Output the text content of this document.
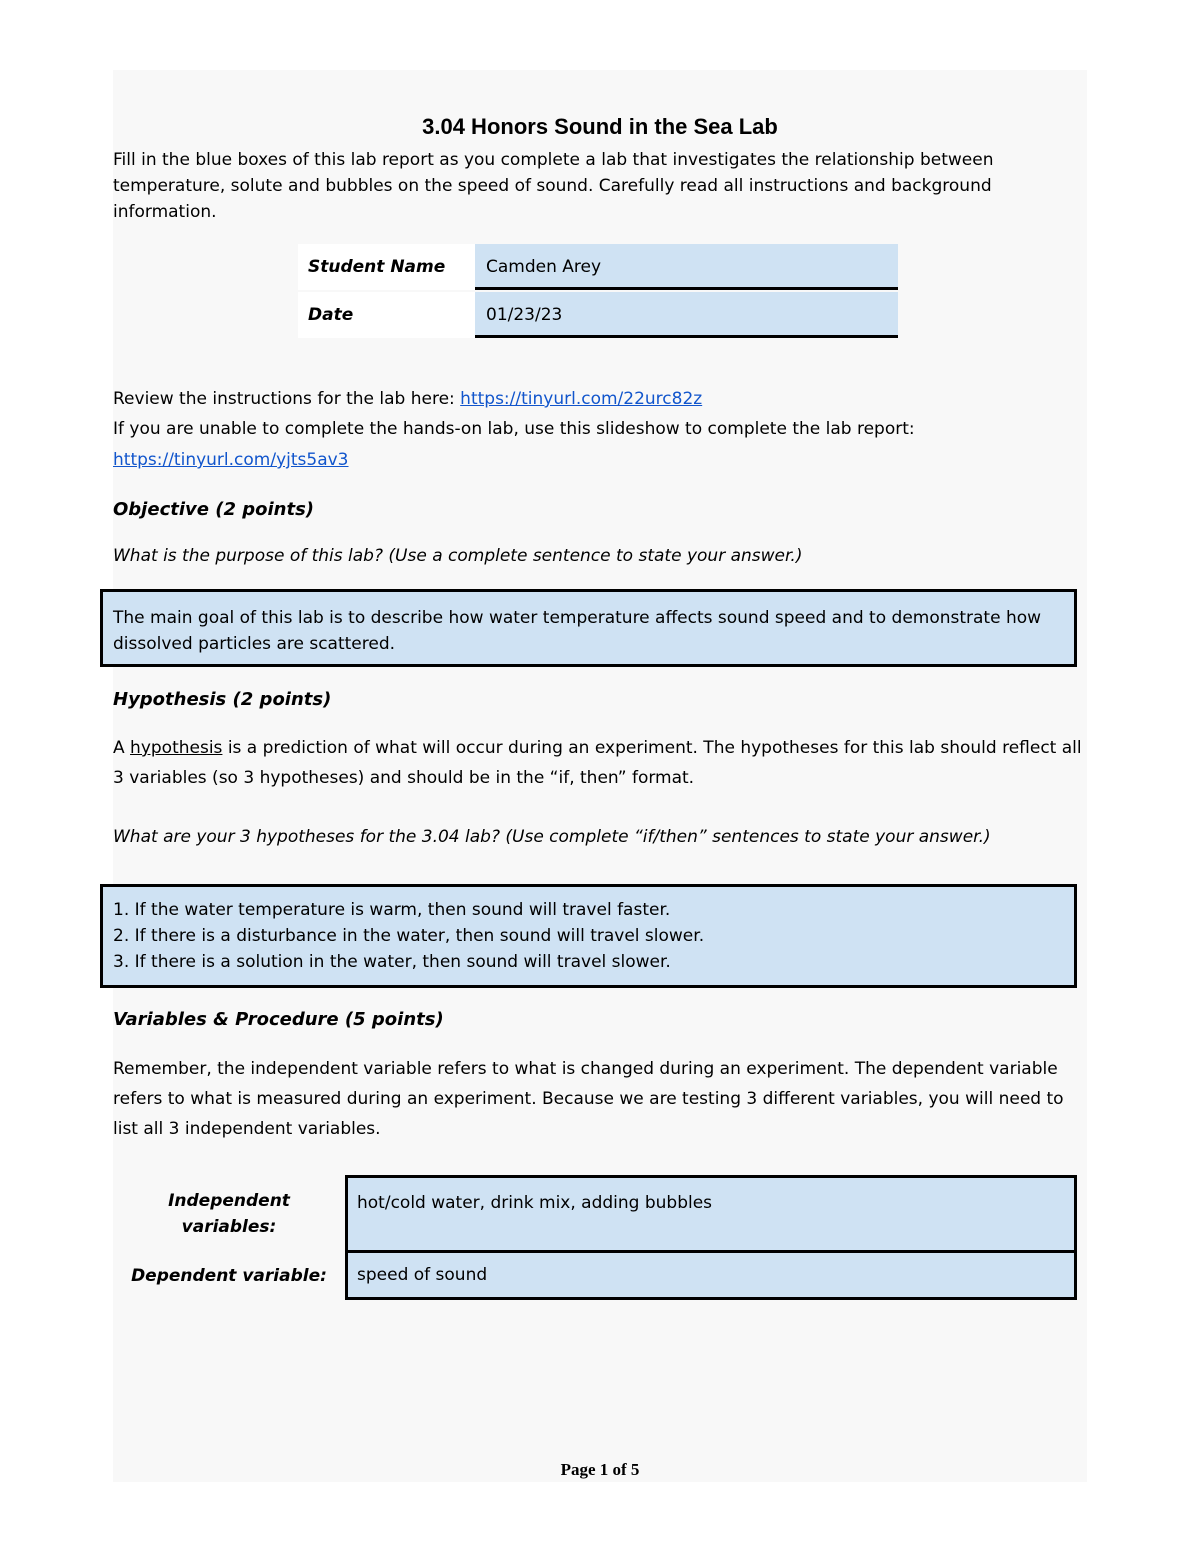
3.04 Honors Sound in the Sea Lab
Fill in the blue boxes of this lab report as you complete a lab that investigates the relationship between temperature, solute and bubbles on the speed of sound. Carefully read all instructions and background information.
Student Name	Camden Arey
Date	01/23/23
Review the instructions for the lab here: https://tinyurl.com/22urc82z
If you are unable to complete the hands-on lab, use this slideshow to complete the lab report:
https://tinyurl.com/yjts5av3
Objective (2 points)
What is the purpose of this lab? (Use a complete sentence to state your answer.)
The main goal of this lab is to describe how water temperature affects sound speed and to demonstrate how dissolved particles are scattered.
Hypothesis (2 points)
A hypothesis is a prediction of what will occur during an experiment. The hypotheses for this lab should reflect all 3 variables (so 3 hypotheses) and should be in the “if, then” format.
What are your 3 hypotheses for the 3.04 lab? (Use complete “if/then” sentences to state your answer.)
1. If the water temperature is warm, then sound will travel faster.
2. If there is a disturbance in the water, then sound will travel slower.
3. If there is a solution in the water, then sound will travel slower.
Variables & Procedure (5 points)
Remember, the independent variable refers to what is changed during an experiment. The dependent variable refers to what is measured during an experiment. Because we are testing 3 different variables, you will need to list all 3 independent variables.
Independent
variables:
Dependent variable:
hot/cold water, drink mix, adding bubbles
speed of sound
Page 1 of 5
